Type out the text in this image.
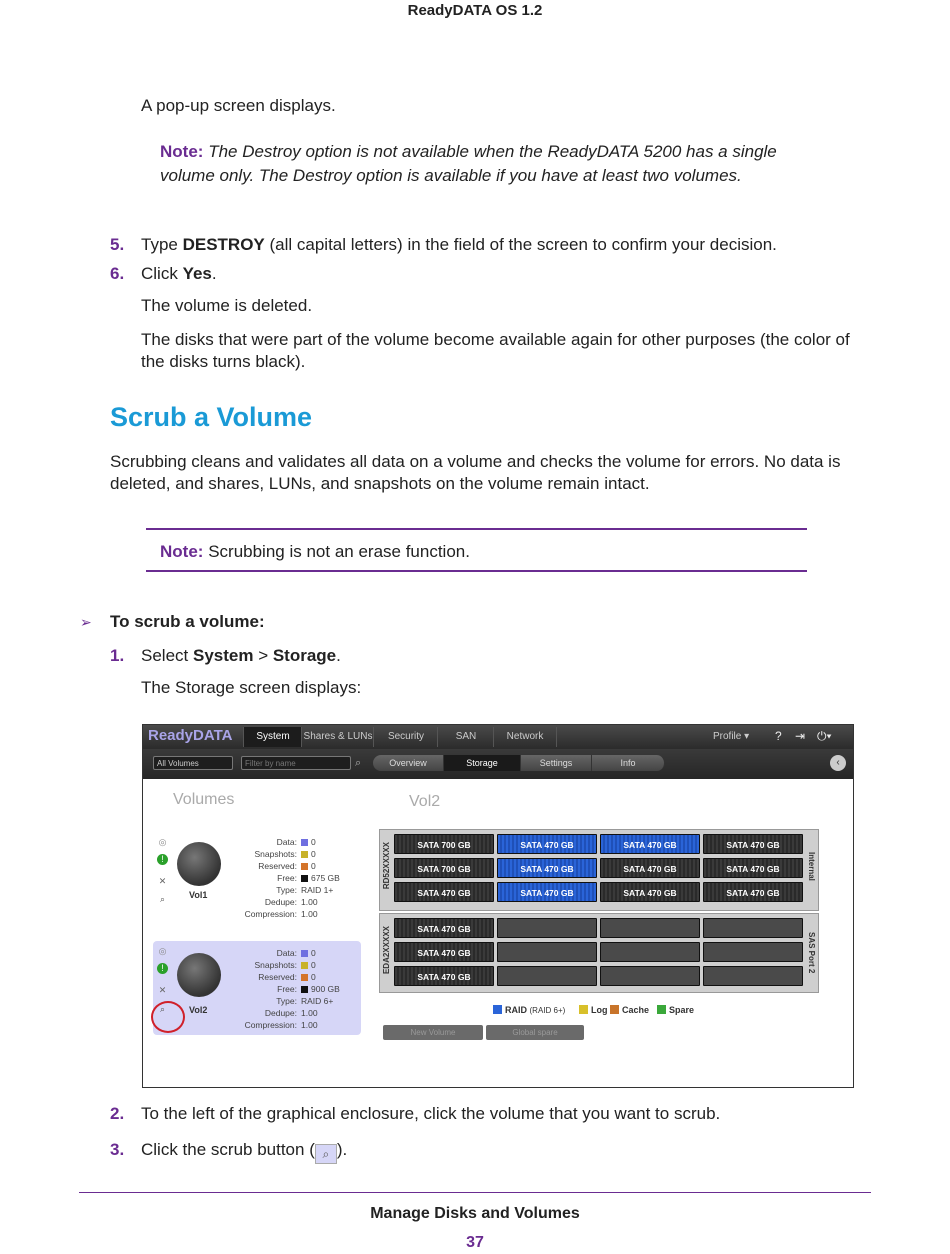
ReadyDATA OS 1.2
A pop-up screen displays.
Note: The Destroy option is not available when the ReadyDATA 5200 has a single volume only. The Destroy option is available if you have at least two volumes.
5. Type DESTROY (all capital letters) in the field of the screen to confirm your decision.
6. Click Yes.
The volume is deleted.
The disks that were part of the volume become available again for other purposes (the color of the disks turns black).
Scrub a Volume
Scrubbing cleans and validates all data on a volume and checks the volume for errors. No data is deleted, and shares, LUNs, and snapshots on the volume remain intact.
Note: Scrubbing is not an erase function.
➢ To scrub a volume:
1. Select System > Storage.
The Storage screen displays:
ReadyDATA	System	Shares & LUNs	Security	SAN	Network	Profile ▾ ? ⇥ ⏻▾
All Volumes	Filter by name	⌕	Overview	Storage	Settings	Info	‹
Volumes	Vol2
◎
!
✕
⌕	Vol1
Data: 0
Snapshots: 0
Reserved: 0
Free: 675 GB
Type: RAID 1+
Dedupe: 1.00
Compression: 1.00
◎
!
✕
⌕	Vol2
Data: 0
Snapshots: 0
Reserved: 0
Free: 900 GB
Type: RAID 6+
Dedupe: 1.00
Compression: 1.00
RD52XXXXX	Internal
SATA 700 GB	SATA 470 GB	SATA 470 GB	SATA 470 GB
SATA 700 GB	SATA 470 GB	SATA 470 GB	SATA 470 GB
SATA 470 GB	SATA 470 GB	SATA 470 GB	SATA 470 GB
EDA2XXXXX	SAS Port 2
SATA 470 GB
SATA 470 GB
SATA 470 GB
RAID (RAID 6+)	Log	Cache	Spare
New Volume	Global spare
2. To the left of the graphical enclosure, click the volume that you want to scrub.
3. Click the scrub button ( ⌕ ).
Manage Disks and Volumes
37
